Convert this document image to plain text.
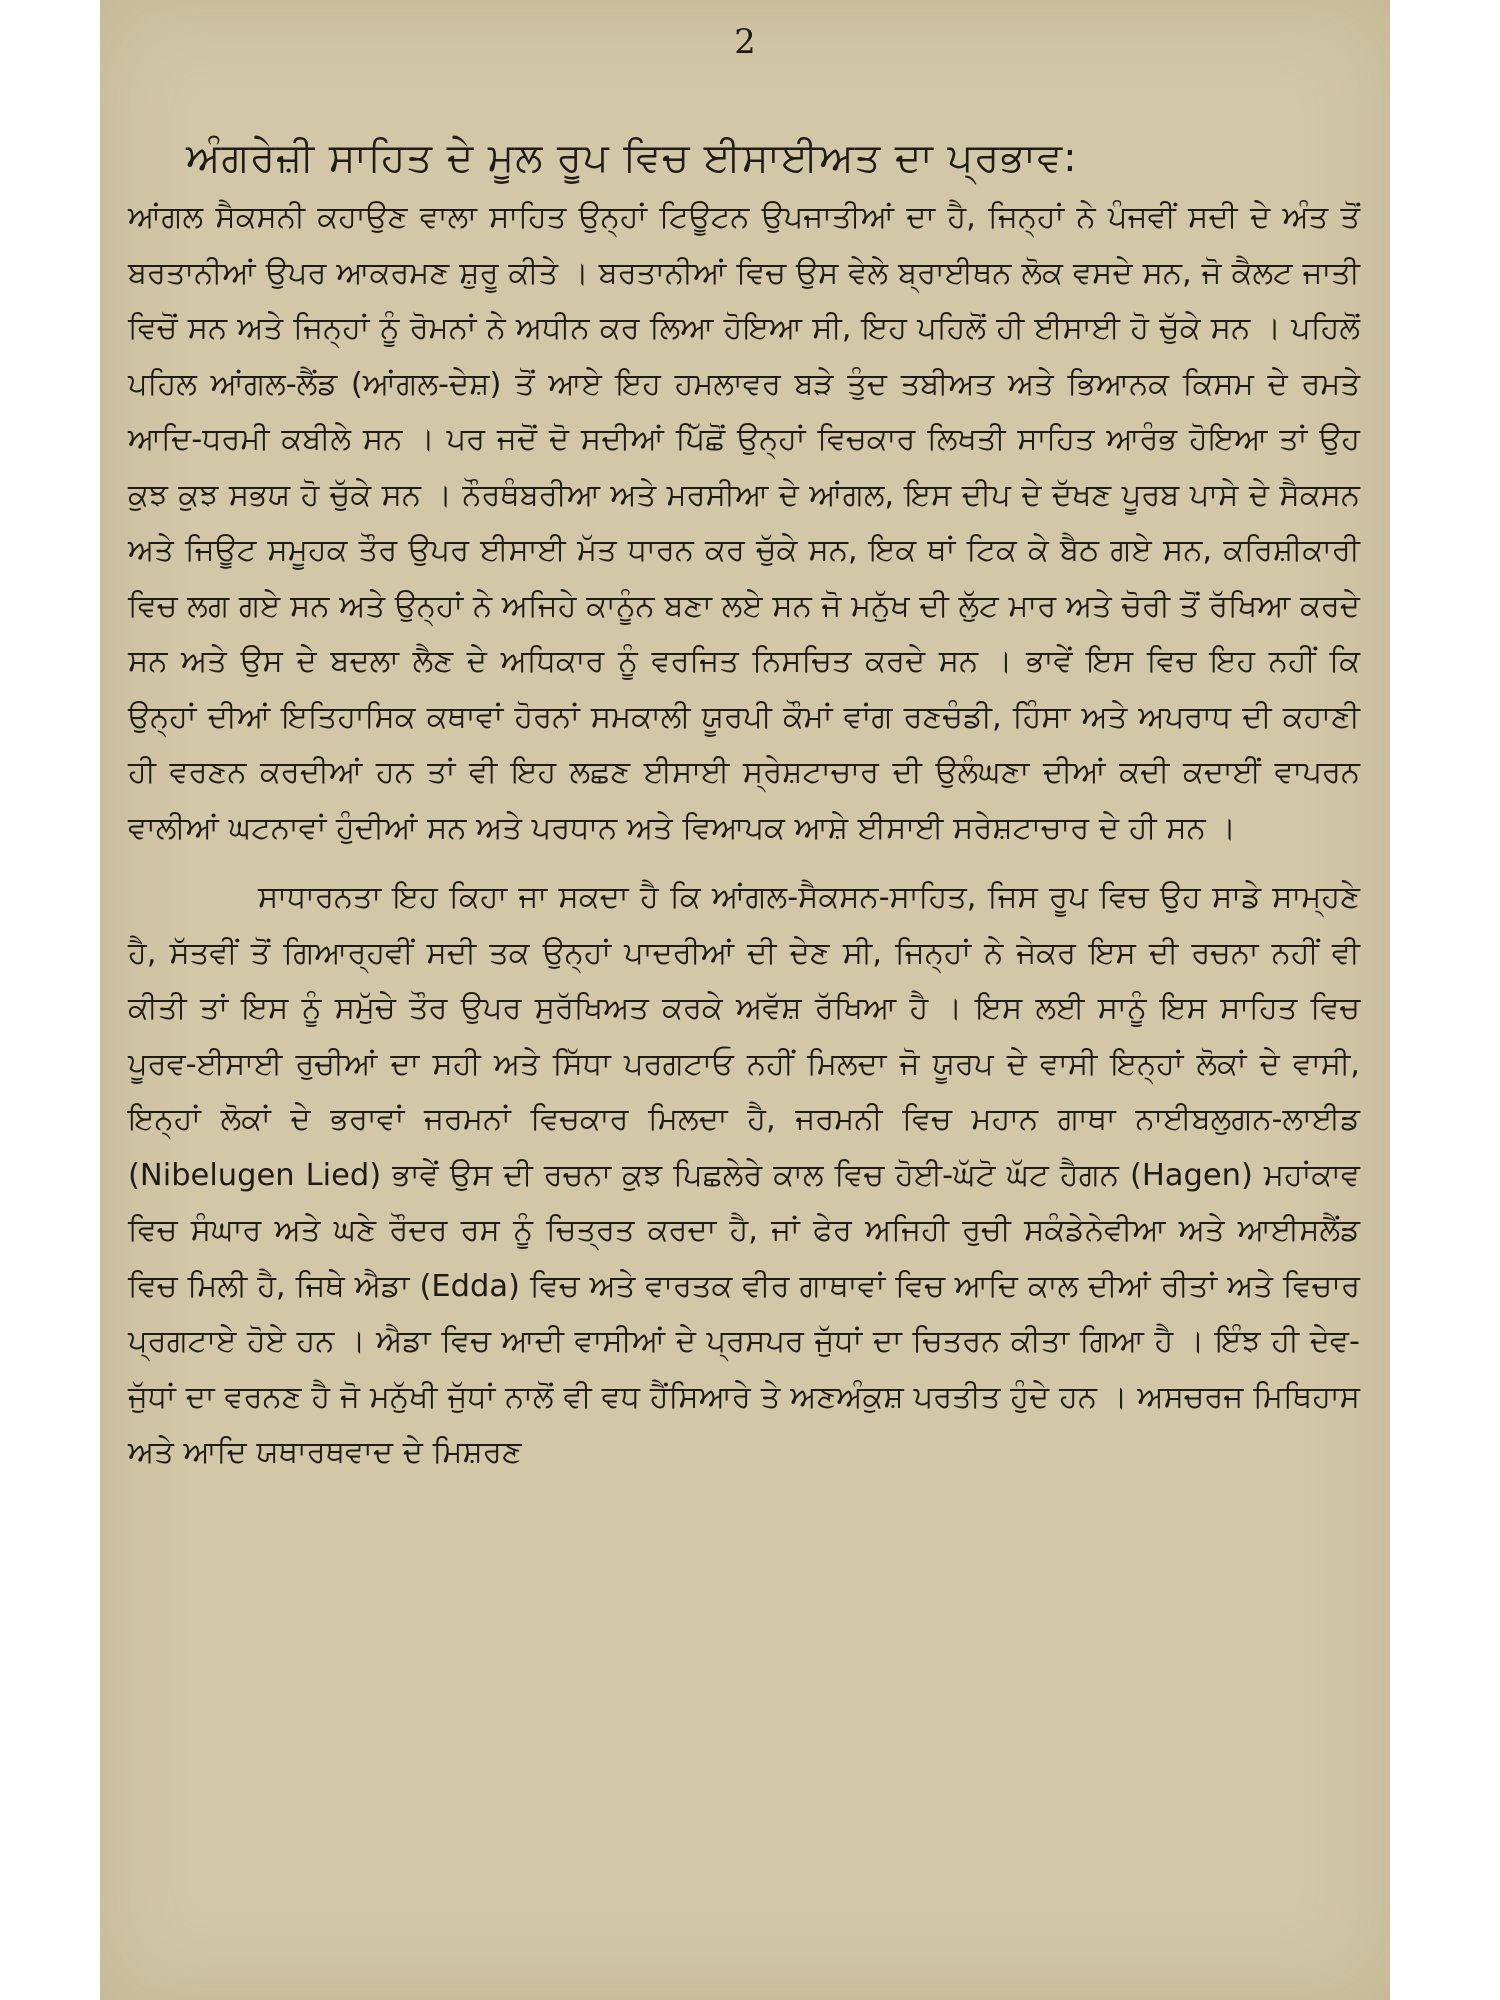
2
ਅੰਗਰੇਜ਼ੀ ਸਾਹਿਤ ਦੇ ਮੂਲ ਰੂਪ ਵਿਚ ਈਸਾਈਅਤ ਦਾ ਪ੍ਰਭਾਵ:

ਆਂਗਲ ਸੈਕਸਨੀ ਕਹਾਉਣ ਵਾਲਾ ਸਾਹਿਤ ਉਨ੍ਹਾਂ ਟਿਊਟਨ ਉਪਜਾਤੀਆਂ ਦਾ ਹੈ, ਜਿਨ੍ਹਾਂ ਨੇ ਪੰਜਵੀਂ ਸਦੀ ਦੇ ਅੰਤ ਤੋਂ ਬਰਤਾਨੀਆਂ ਉਪਰ ਆਕਰਮਣ ਸ਼ੁਰੂ ਕੀਤੇ । ਬਰਤਾਨੀਆਂ ਵਿਚ ਉਸ ਵੇਲੇ ਬ੍ਰਾਈਥਨ ਲੋਕ ਵਸਦੇ ਸਨ, ਜੋ ਕੈਲਟ ਜਾਤੀ ਵਿਚੋਂ ਸਨ ਅਤੇ ਜਿਨ੍ਹਾਂ ਨੂੰ ਰੋਮਨਾਂ ਨੇ ਅਧੀਨ ਕਰ ਲਿਆ ਹੋਇਆ ਸੀ, ਇਹ ਪਹਿਲੋਂ ਹੀ ਈਸਾਈ ਹੋ ਚੁੱਕੇ ਸਨ । ਪਹਿਲੋਂ ਪਹਿਲ ਆਂਗਲ-ਲੈਂਡ (ਆਂਗਲ-ਦੇਸ਼) ਤੋਂ ਆਏ ਇਹ ਹਮਲਾਵਰ ਬੜੇ ਤੁੰਦ ਤਬੀਅਤ ਅਤੇ ਭਿਆਨਕ ਕਿਸਮ ਦੇ ਰਮਤੇ ਆਦਿ-ਧਰਮੀ ਕਬੀਲੇ ਸਨ । ਪਰ ਜਦੋਂ ਦੋ ਸਦੀਆਂ ਪਿੱਛੋਂ ਉਨ੍ਹਾਂ ਵਿਚਕਾਰ ਲਿਖਤੀ ਸਾਹਿਤ ਆਰੰਭ ਹੋਇਆ ਤਾਂ ਉਹ ਕੁਝ ਕੁਝ ਸਭਯ ਹੋ ਚੁੱਕੇ ਸਨ । ਨੌਰਥੰਬਰੀਆ ਅਤੇ ਮਰਸੀਆ ਦੇ ਆਂਗਲ, ਇਸ ਦੀਪ ਦੇ ਦੱਖਣ ਪੂਰਬ ਪਾਸੇ ਦੇ ਸੈਕਸਨ ਅਤੇ ਜਿਊਟ ਸਮੂਹਕ ਤੌਰ ਉਪਰ ਈਸਾਈ ਮੱਤ ਧਾਰਨ ਕਰ ਚੁੱਕੇ ਸਨ, ਇਕ ਥਾਂ ਟਿਕ ਕੇ ਬੈਠ ਗਏ ਸਨ, ਕਰਿਸ਼ੀਕਾਰੀ ਵਿਚ ਲਗ ਗਏ ਸਨ ਅਤੇ ਉਨ੍ਹਾਂ ਨੇ ਅਜਿਹੇ ਕਾਨੂੰਨ ਬਣਾ ਲਏ ਸਨ ਜੋ ਮਨੁੱਖ ਦੀ ਲੁੱਟ ਮਾਰ ਅਤੇ ਚੋਰੀ ਤੋਂ ਰੱਖਿਆ ਕਰਦੇ ਸਨ ਅਤੇ ਉਸ ਦੇ ਬਦਲਾ ਲੈਣ ਦੇ ਅਧਿਕਾਰ ਨੂੰ ਵਰਜਿਤ ਨਿਸਚਿਤ ਕਰਦੇ ਸਨ । ਭਾਵੇਂ ਇਸ ਵਿਚ ਇਹ ਨਹੀਂ ਕਿ ਉਨ੍ਹਾਂ ਦੀਆਂ ਇਤਿਹਾਸਿਕ ਕਥਾਵਾਂ ਹੋਰਨਾਂ ਸਮਕਾਲੀ ਯੂਰਪੀ ਕੌਮਾਂ ਵਾਂਗ ਰਣਚੰਡੀ, ਹਿੰਸਾ ਅਤੇ ਅਪਰਾਧ ਦੀ ਕਹਾਣੀ ਹੀ ਵਰਣਨ ਕਰਦੀਆਂ ਹਨ ਤਾਂ ਵੀ ਇਹ ਲਛਣ ਈਸਾਈ ਸ੍ਰੇਸ਼ਟਾਚਾਰ ਦੀ ਉਲੰਘਣਾ ਦੀਆਂ ਕਦੀ ਕਦਾਈਂ ਵਾਪਰਨ ਵਾਲੀਆਂ ਘਟਨਾਵਾਂ ਹੁੰਦੀਆਂ ਸਨ ਅਤੇ ਪਰਧਾਨ ਅਤੇ ਵਿਆਪਕ ਆਸ਼ੇ ਈਸਾਈ ਸਰੇਸ਼ਟਾਚਾਰ ਦੇ ਹੀ ਸਨ ।

ਸਾਧਾਰਨਤਾ ਇਹ ਕਿਹਾ ਜਾ ਸਕਦਾ ਹੈ ਕਿ ਆਂਗਲ-ਸੈਕਸਨ-ਸਾਹਿਤ, ਜਿਸ ਰੂਪ ਵਿਚ ਉਹ ਸਾਡੇ ਸਾਮ੍ਹਣੇ ਹੈ, ਸੱਤਵੀਂ ਤੋਂ ਗਿਆਰ੍ਹਵੀਂ ਸਦੀ ਤਕ ਉਨ੍ਹਾਂ ਪਾਦਰੀਆਂ ਦੀ ਦੇਣ ਸੀ, ਜਿਨ੍ਹਾਂ ਨੇ ਜੇਕਰ ਇਸ ਦੀ ਰਚਨਾ ਨਹੀਂ ਵੀ ਕੀਤੀ ਤਾਂ ਇਸ ਨੂੰ ਸਮੁੱਚੇ ਤੌਰ ਉਪਰ ਸੁਰੱਖਿਅਤ ਕਰਕੇ ਅਵੱਸ਼ ਰੱਖਿਆ ਹੈ । ਇਸ ਲਈ ਸਾਨੂੰ ਇਸ ਸਾਹਿਤ ਵਿਚ ਪੂਰਵ-ਈਸਾਈ ਰੁਚੀਆਂ ਦਾ ਸਹੀ ਅਤੇ ਸਿੱਧਾ ਪਰਗਟਾਓ ਨਹੀਂ ਮਿਲਦਾ ਜੋ ਯੂਰਪ ਦੇ ਵਾਸੀ ਇਨ੍ਹਾਂ ਲੋਕਾਂ ਦੇ ਵਾਸੀ, ਇਨ੍ਹਾਂ ਲੋਕਾਂ ਦੇ ਭਰਾਵਾਂ ਜਰਮਨਾਂ ਵਿਚਕਾਰ ਮਿਲਦਾ ਹੈ, ਜਰਮਨੀ ਵਿਚ ਮਹਾਨ ਗਾਥਾ ਨਾਈਬਲੁਗਨ-ਲਾਈਡ (Nibelugen Lied) ਭਾਵੇਂ ਉਸ ਦੀ ਰਚਨਾ ਕੁਝ ਪਿਛਲੇਰੇ ਕਾਲ ਵਿਚ ਹੋਈ-ਘੱਟੋ ਘੱਟ ਹੈਗਨ (Hagen) ਮਹਾਂਕਾਵ ਵਿਚ ਸੰਘਾਰ ਅਤੇ ਘਣੇ ਰੌਦਰ ਰਸ ਨੂੰ ਚਿਤ੍ਰਤ ਕਰਦਾ ਹੈ, ਜਾਂ ਫੇਰ ਅਜਿਹੀ ਰੁਚੀ ਸਕੰਡੇਨੇਵੀਆ ਅਤੇ ਆਈਸਲੈਂਡ ਵਿਚ ਮਿਲੀ ਹੈ, ਜਿਥੇ ਐਡਾ (Edda) ਵਿਚ ਅਤੇ ਵਾਰਤਕ ਵੀਰ ਗਾਥਾਵਾਂ ਵਿਚ ਆਦਿ ਕਾਲ ਦੀਆਂ ਰੀਤਾਂ ਅਤੇ ਵਿਚਾਰ ਪ੍ਰਗਟਾਏ ਹੋਏ ਹਨ । ਐਡਾ ਵਿਚ ਆਦੀ ਵਾਸੀਆਂ ਦੇ ਪ੍ਰਸਪਰ ਜੁੱਧਾਂ ਦਾ ਚਿਤਰਨ ਕੀਤਾ ਗਿਆ ਹੈ । ਇੰਝ ਹੀ ਦੇਵ-ਜੁੱਧਾਂ ਦਾ ਵਰਨਣ ਹੈ ਜੋ ਮਨੁੱਖੀ ਜੁੱਧਾਂ ਨਾਲੋਂ ਵੀ ਵਧ ਹੈਂਸਿਆਰੇ ਤੇ ਅਣਅੰਕੁਸ਼ ਪਰਤੀਤ ਹੁੰਦੇ ਹਨ । ਅਸਚਰਜ ਮਿਥਿਹਾਸ ਅਤੇ ਆਦਿ ਯਥਾਰਥਵਾਦ ਦੇ ਮਿਸ਼ਰਣ
